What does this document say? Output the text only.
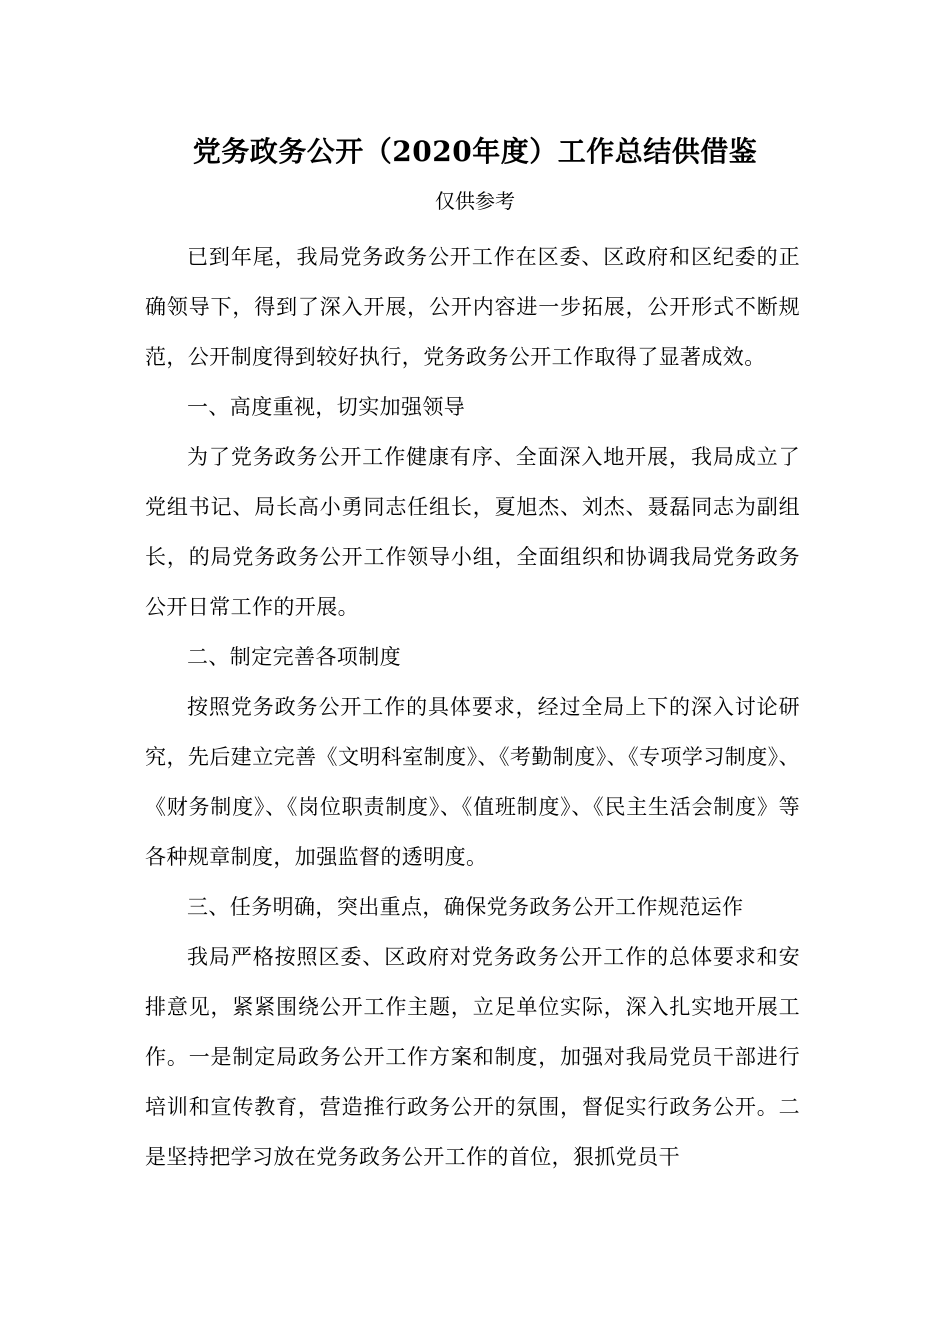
党务政务公开（2020年度）工作总结供借鉴
仅供参考

已到年尾，我局党务政务公开工作在区委、区政府和区纪委的正确领导下，得到了深入开展，公开内容进一步拓展，公开形式不断规范，公开制度得到较好执行，党务政务公开工作取得了显著成效。

一、高度重视，切实加强领导

为了党务政务公开工作健康有序、全面深入地开展，我局成立了党组书记、局长高小勇同志任组长，夏旭杰、刘杰、聂磊同志为副组长，的局党务政务公开工作领导小组，全面组织和协调我局党务政务公开日常工作的开展。

二、制定完善各项制度

按照党务政务公开工作的具体要求，经过全局上下的深入讨论研究，先后建立完善《文明科室制度》、《考勤制度》、《专项学习制度》、《财务制度》、《岗位职责制度》、《值班制度》、《民主生活会制度》等各种规章制度，加强监督的透明度。

三、任务明确，突出重点，确保党务政务公开工作规范运作

我局严格按照区委、区政府对党务政务公开工作的总体要求和安排意见，紧紧围绕公开工作主题，立足单位实际，深入扎实地开展工作。一是制定局政务公开工作方案和制度，加强对我局党员干部进行培训和宣传教育，营造推行政务公开的氛围，督促实行政务公开。二是坚持把学习放在党务政务公开工作的首位，狠抓党员干
